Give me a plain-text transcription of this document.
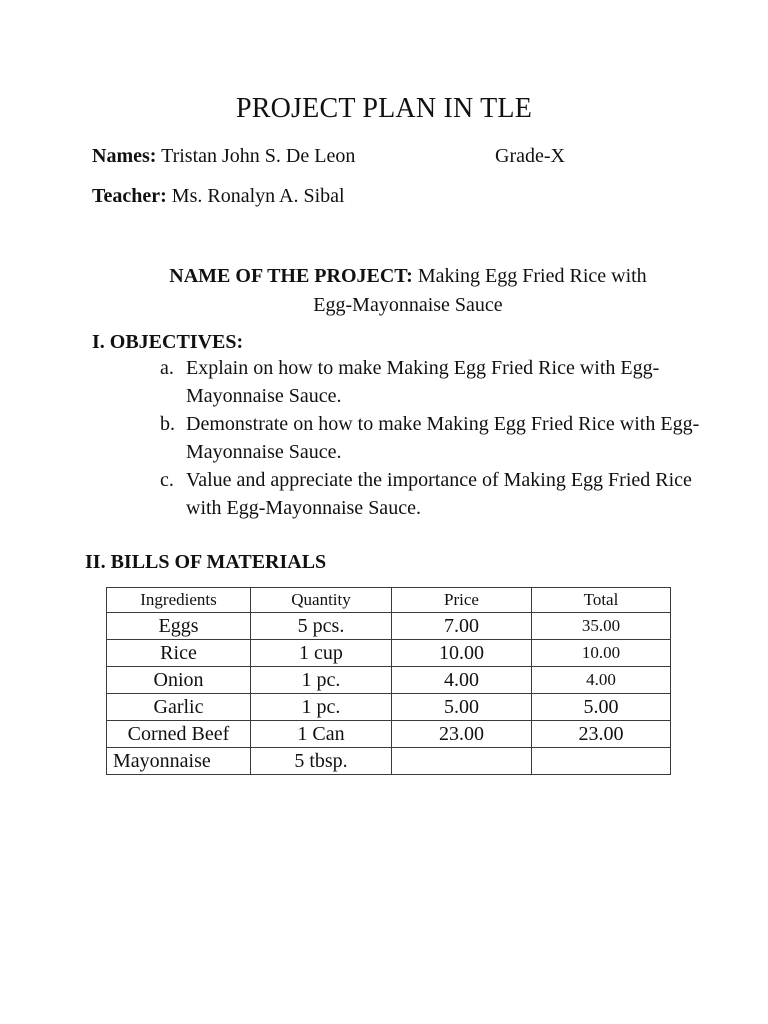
PROJECT PLAN IN TLE
Names: Tristan John S. De Leon	Grade-X
Teacher: Ms. Ronalyn A. Sibal
NAME OF THE PROJECT: Making Egg Fried Rice with
Egg-Mayonnaise Sauce
I. OBJECTIVES:
a. Explain on how to make Making Egg Fried Rice with Egg-Mayonnaise Sauce.
b. Demonstrate on how to make Making Egg Fried Rice with Egg-Mayonnaise Sauce.
c. Value and appreciate the importance of Making Egg Fried Rice with Egg-Mayonnaise Sauce.
II. BILLS OF MATERIALS
Ingredients	Quantity	Price	Total
Eggs	5 pcs.	7.00	35.00
Rice	1 cup	10.00	10.00
Onion	1 pc.	4.00	4.00
Garlic	1 pc.	5.00	5.00
Corned Beef	1 Can	23.00	23.00
Mayonnaise	5 tbsp.		
